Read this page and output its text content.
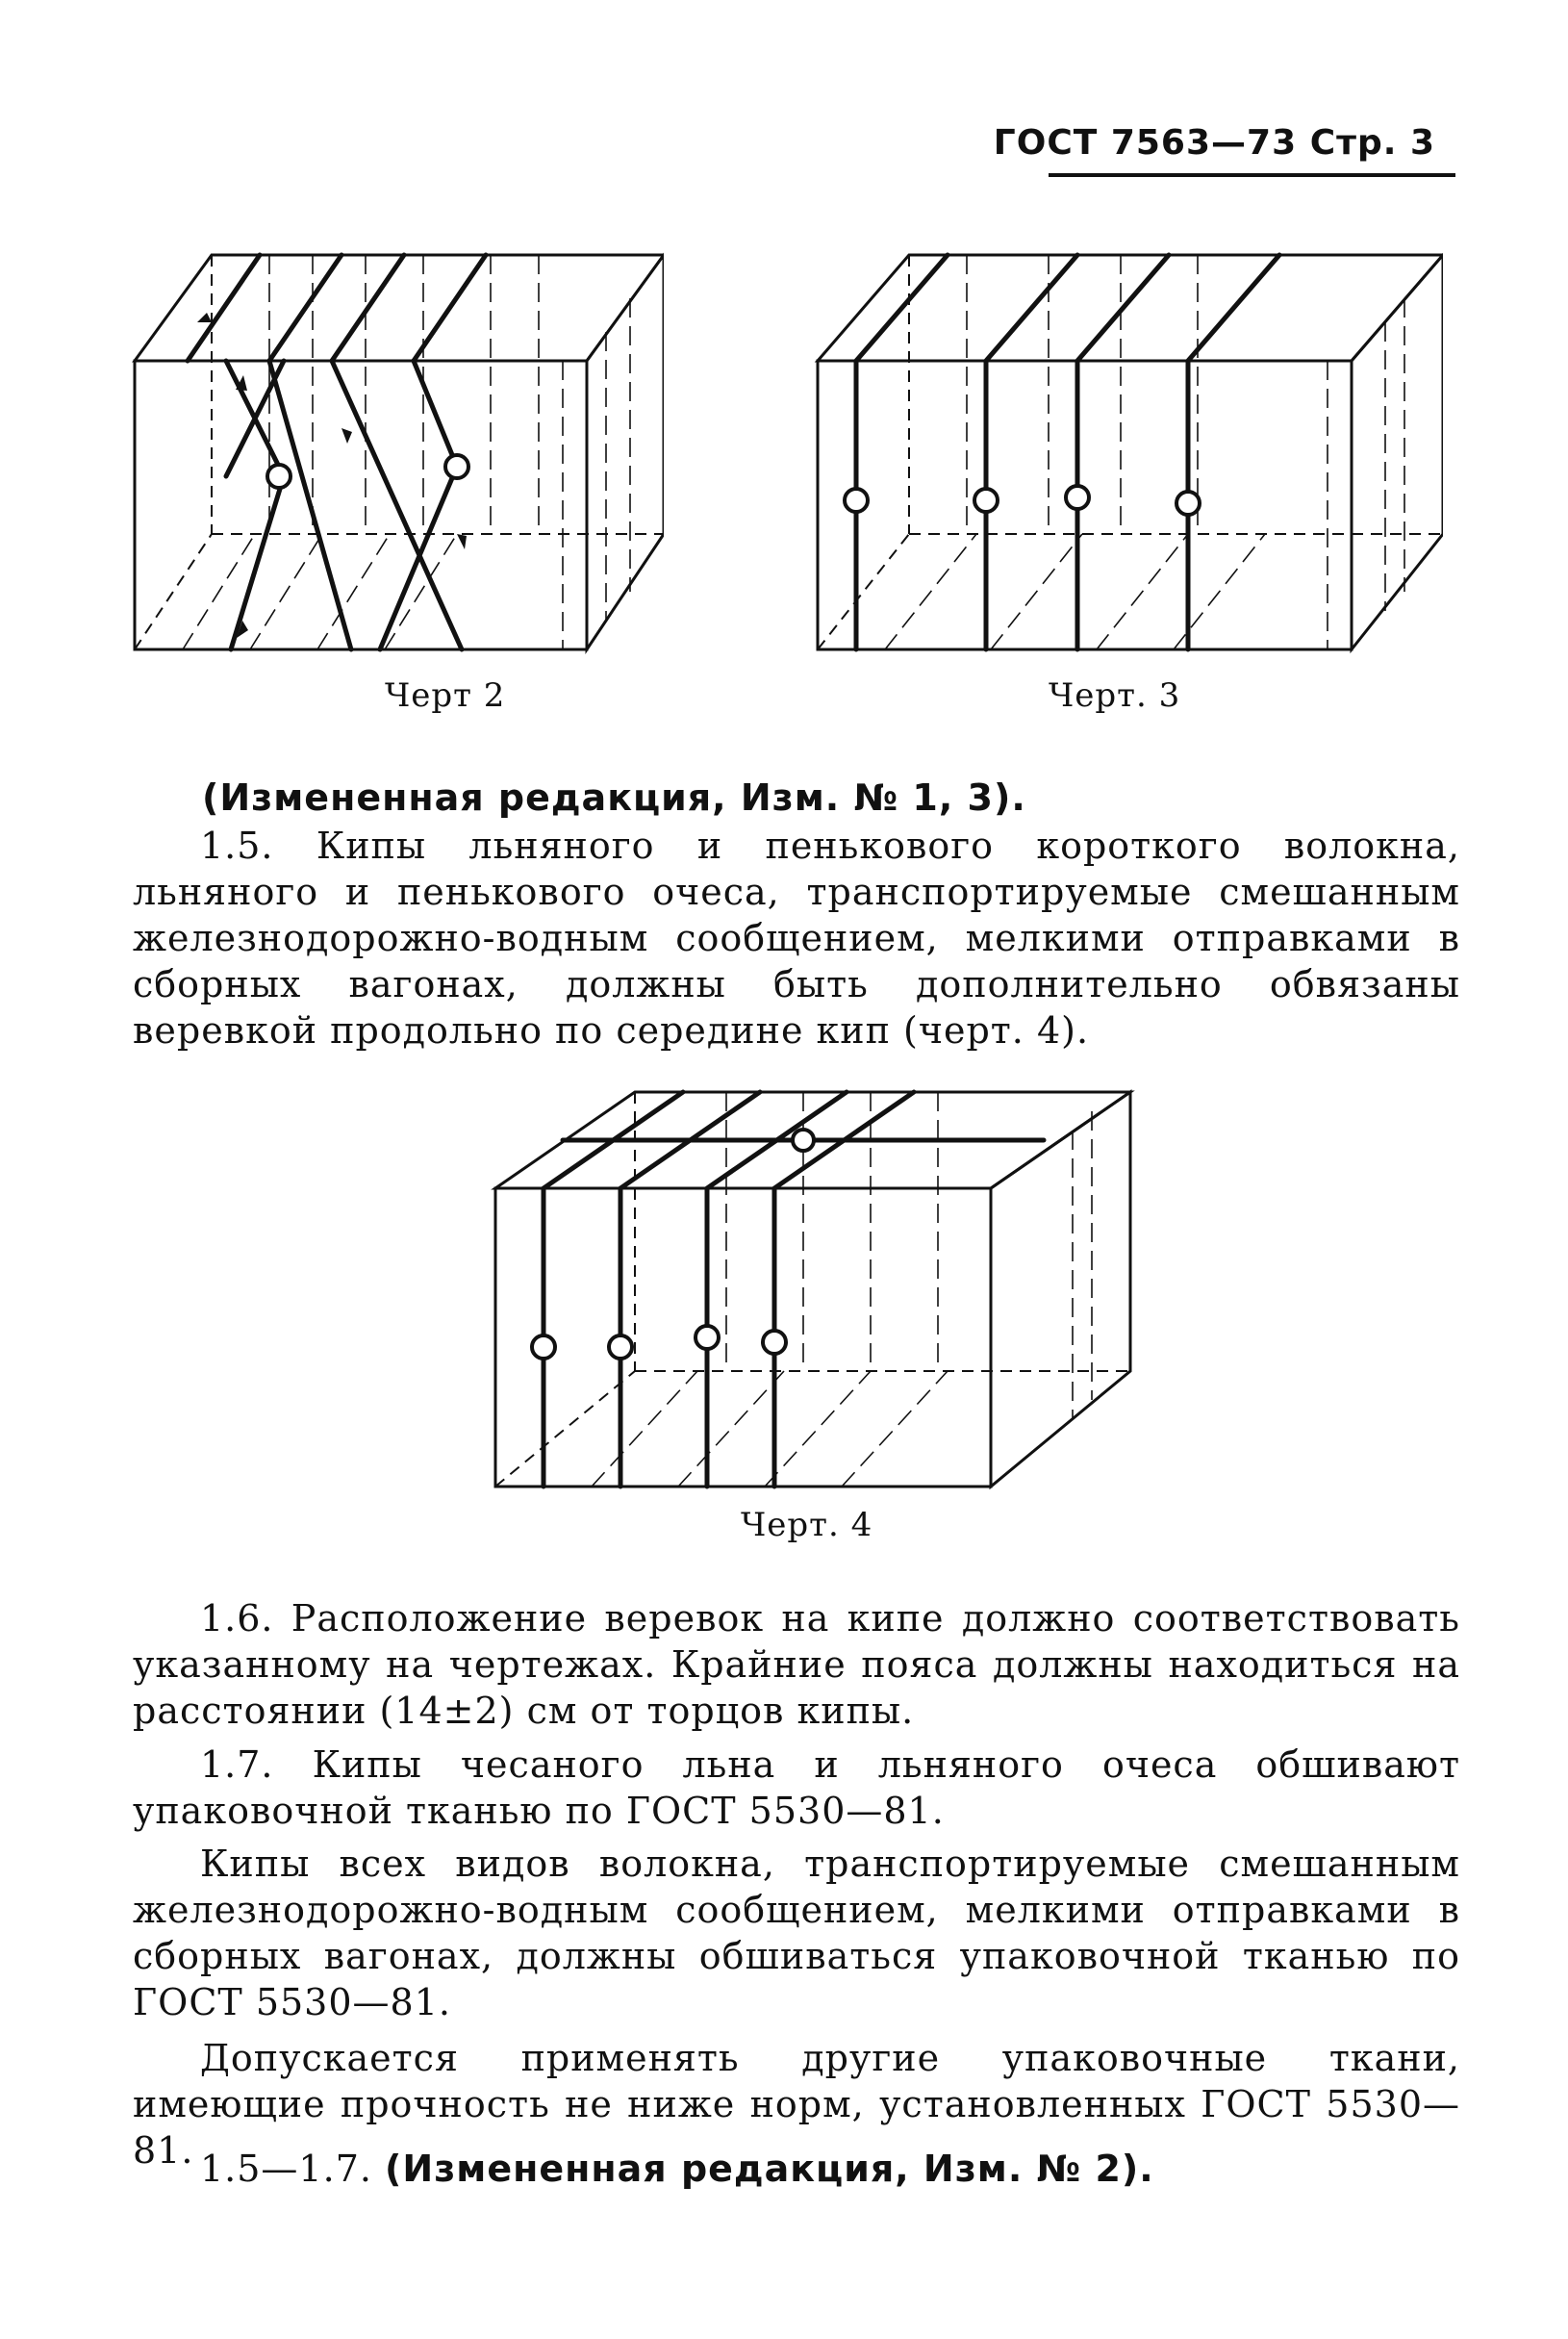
ГОСТ 7563—73 Стр. 3
Черт 2	Черт. 3

(Измененная редакция, Изм. № 1, 3).

1.5. Кипы льняного и пенькового короткого волокна, льняного и пенькового очеса, транспортируемые смешанным железнодорожно-водным сообщением, мелкими отправками в сборных вагонах, должны быть дополнительно обвязаны веревкой продольно по середине кип (черт. 4).

Черт. 4

1.6. Расположение веревок на кипе должно соответствовать указанному на чертежах. Крайние пояса должны находиться на расстоянии (14±2) см от торцов кипы.

1.7. Кипы чесаного льна и льняного очеса обшивают упаковочной тканью по ГОСТ 5530—81.

Кипы всех видов волокна, транспортируемые смешанным железнодорожно-водным сообщением, мелкими отправками в сборных вагонах, должны обшиваться упаковочной тканью по ГОСТ 5530—81.

Допускается применять другие упаковочные ткани, имеющие прочность не ниже норм, установленных ГОСТ 5530—81. 1.5—1.7. (Измененная редакция, Изм. № 2).
